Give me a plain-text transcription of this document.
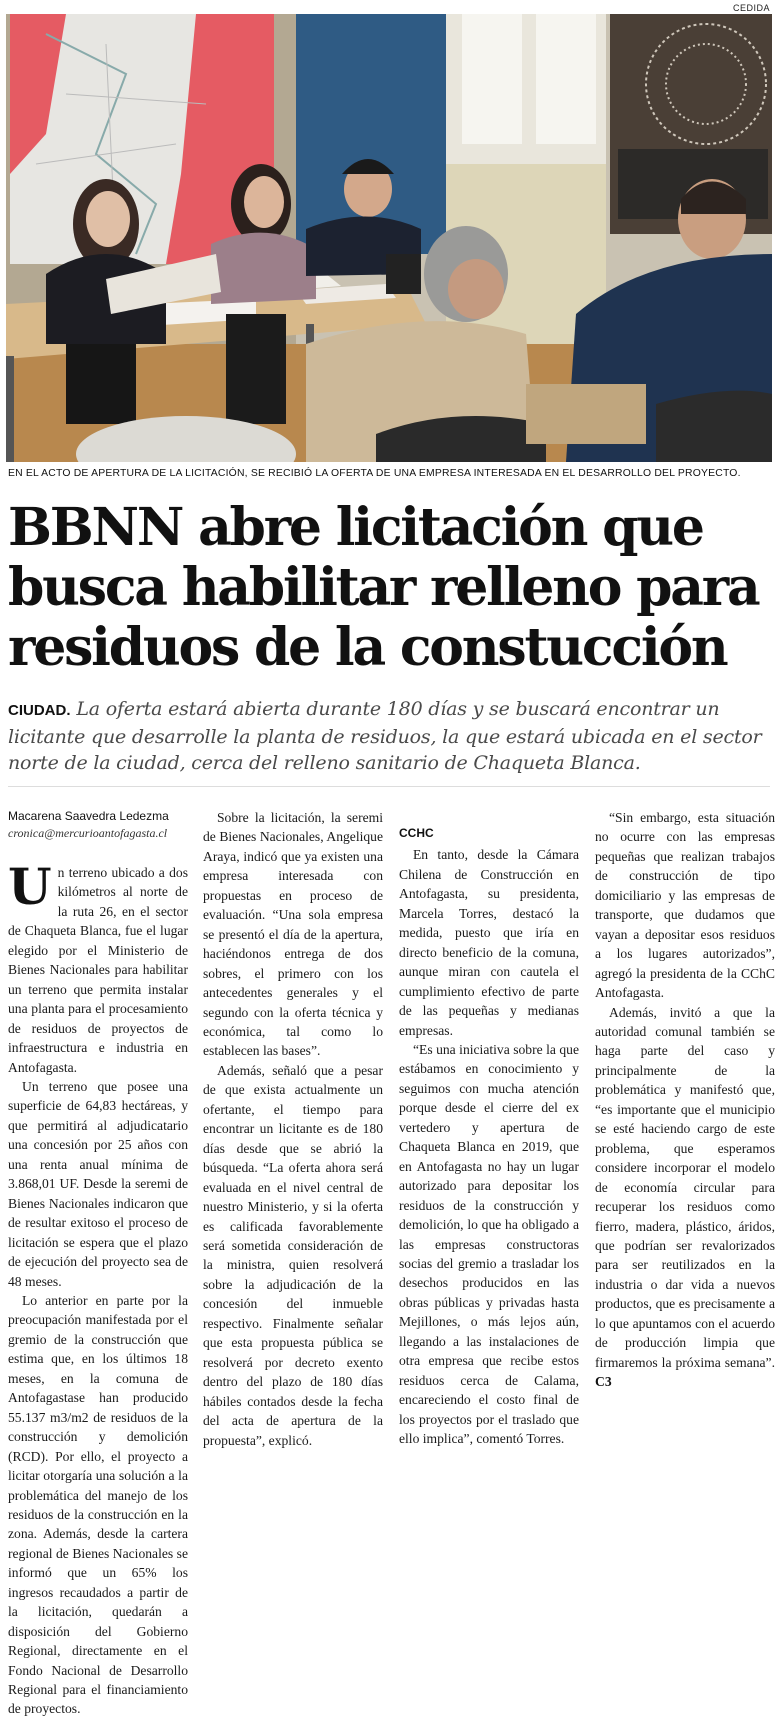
CEDIDA
EN EL ACTO DE APERTURA DE LA LICITACIÓN, SE RECIBIÓ LA OFERTA DE UNA EMPRESA INTERESADA EN EL DESARROLLO DEL PROYECTO.
BBNN abre licitación que busca habilitar relleno para residuos de la constucción

CIUDAD. La oferta estará abierta durante 180 días y se buscará encontrar un licitante que desarrolle la planta de residuos, la que estará ubicada en el sector norte de la ciudad, cerca del relleno sanitario de Chaqueta Blanca.

Macarena Saavedra Ledezma
cronica@mercurioantofagasta.cl

Un terreno ubicado a dos kilómetros al norte de la ruta 26, en el sector de Chaqueta Blanca, fue el lugar elegido por el Ministerio de Bienes Nacionales para habilitar un terreno que permita instalar una planta para el procesamiento de residuos de proyectos de infraestructura e industria en Antofagasta.

Un terreno que posee una superficie de 64,83 hectáreas, y que permitirá al adjudicatario una concesión por 25 años con una renta anual mínima de 3.868,01 UF. Desde la seremi de Bienes Nacionales indicaron que de resultar exitoso el proceso de licitación se espera que el plazo de ejecución del proyecto sea de 48 meses.

Lo anterior en parte por la preocupación manifestada por el gremio de la construcción que estima que, en los últimos 18 meses, en la comuna de Antofagastase han producido 55.137 m3/m2 de residuos de la construcción y demolición (RCD). Por ello, el proyecto a licitar otorgaría una solución a la problemática del manejo de los residuos de la construcción en la zona. Además, desde la cartera regional de Bienes Nacionales se informó que un 65% los ingresos recaudados a partir de la licitación, quedarán a disposición del Gobierno Regional, directamente en el Fondo Nacional de Desarrollo Regional para el financiamiento de proyectos.

Sobre la licitación, la seremi de Bienes Nacionales, Angelique Araya, indicó que ya existen una empresa interesada con propuestas en proceso de evaluación. “Una sola empresa se presentó el día de la apertura, haciéndonos entrega de dos sobres, el primero con los antecedentes generales y el segundo con la oferta técnica y económica, tal como lo establecen las bases”.

Además, señaló que a pesar de que exista actualmente un ofertante, el tiempo para encontrar un licitante es de 180 días desde que se abrió la búsqueda. “La oferta ahora será evaluada en el nivel central de nuestro Ministerio, y si la oferta es calificada favorablemente será sometida consideración de la ministra, quien resolverá sobre la adjudicación de la concesión del inmueble respectivo. Finalmente señalar que esta propuesta pública se resolverá por decreto exento dentro del plazo de 180 días hábiles contados desde la fecha del acta de apertura de la propuesta”, explicó.

CCHC

En tanto, desde la Cámara Chilena de Construcción en Antofagasta, su presidenta, Marcela Torres, destacó la medida, puesto que iría en directo beneficio de la comuna, aunque miran con cautela el cumplimiento efectivo de parte de las pequeñas y medianas empresas.

“Es una iniciativa sobre la que estábamos en conocimiento y seguimos con mucha atención porque desde el cierre del ex vertedero y apertura de Chaqueta Blanca en 2019, que en Antofagasta no hay un lugar autorizado para depositar los residuos de la construcción y demolición, lo que ha obligado a las empresas constructoras socias del gremio a trasladar los desechos producidos en las obras públicas y privadas hasta Mejillones, o más lejos aún, llegando a las instalaciones de otra empresa que recibe estos residuos cerca de Calama, encareciendo el costo final de los proyectos por el traslado que ello implica”, comentó Torres.

“Sin embargo, esta situación no ocurre con las empresas pequeñas que realizan trabajos de construcción de tipo domiciliario y las empresas de transporte, que dudamos que vayan a depositar esos residuos a los lugares autorizados”, agregó la presidenta de la CChC Antofagasta.

Además, invitó a que la autoridad comunal también se haga parte del caso y principalmente de la problemática y manifestó que, “es importante que el municipio se esté haciendo cargo de este problema, que esperamos considere incorporar el modelo de economía circular para recuperar los residuos como fierro, madera, plástico, áridos, que podrían ser revalorizados para ser reutilizados en la industria o dar vida a nuevos productos, que es precisamente a lo que apuntamos con el acuerdo de producción limpia que firmaremos la próxima semana”. C3
